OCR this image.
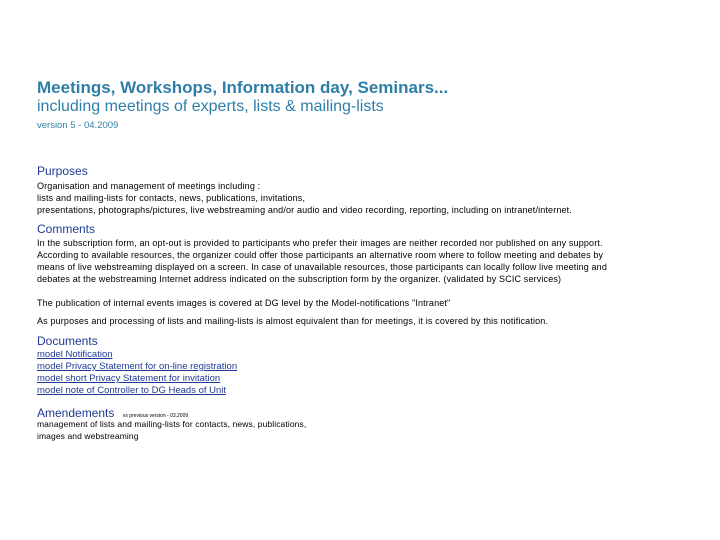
Meetings, Workshops, Information day, Seminars...
including meetings of experts, lists & mailing-lists
version 5 - 04.2009
Purposes
Organisation and management of meetings including :
lists and mailing-lists for contacts, news, publications, invitations,
presentations, photographs/pictures, live webstreaming and/or audio and video recording, reporting, including on intranet/internet.
Comments
In the subscription form, an opt-out is provided to participants who prefer their images are neither recorded nor published on any support.
According to available resources, the organizer could offer those participants an alternative room where to follow meeting and debates by
means of live webstreaming displayed on a screen. In case of unavailable resources, those participants can locally follow live meeting and
debates at the webstreaming Internet address indicated on the subscription form by the organizer. (validated by SCIC services)
The publication of internal events images is covered at DG level by the Model-notifications "Intranet"
As purposes and processing of lists and mailing-lists is almost equivalent than for meetings, it is covered by this notification.
Documents
model Notification
model Privacy Statement for on-line registration
model short Privacy Statement for invitation
model note of Controller to DG Heads of Unit
Amendements vs previous version - 03.2009
management of lists and mailing-lists for contacts, news, publications,
images and webstreaming
